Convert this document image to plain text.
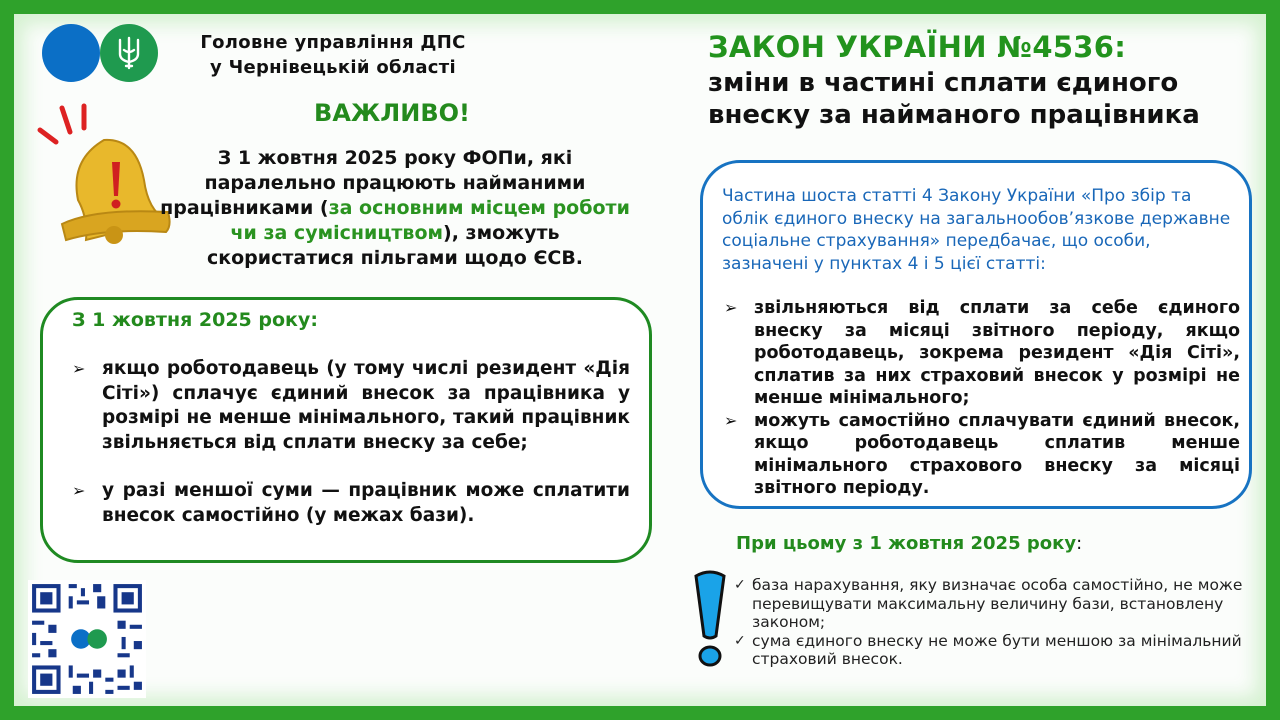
Головне управління ДПС
у Чернівецькій області
ВАЖЛИВО!
З 1 жовтня 2025 року ФОПи, які паралельно працюють найманими працівниками (за основним місцем роботи чи за сумісництвом), зможуть скористатися пільгами щодо ЄСВ.
З 1 жовтня 2025 року:
➢ якщо роботодавець (у тому числі резидент «Дія Сіті») сплачує єдиний внесок за працівника у розмірі не менше мінімального, такий працівник звільняється від сплати внеску за себе;
➢ у разі меншої суми — працівник може сплатити внесок самостійно (у межах бази).
ЗАКОН УКРАЇНИ №4536:
зміни в частині сплати єдиного внеску за найманого працівника
Частина шоста статті 4 Закону України «Про збір та облік єдиного внеску на загальнообов’язкове державне соціальне страхування» передбачає, що особи, зазначені у пунктах 4 і 5 цієї статті:
➢ звільняються від сплати за себе єдиного внеску за місяці звітного періоду, якщо роботодавець, зокрема резидент «Дія Сіті», сплатив за них страховий внесок у розмірі не менше мінімального;
➢ можуть самостійно сплачувати єдиний внесок, якщо роботодавець сплатив менше мінімального страхового внеску за місяці звітного періоду.
При цьому з 1 жовтня 2025 року:
✓ база нарахування, яку визначає особа самостійно, не може перевищувати максимальну величину бази, встановлену законом;
✓ сума єдиного внеску не може бути меншою за мінімальний страховий внесок.
